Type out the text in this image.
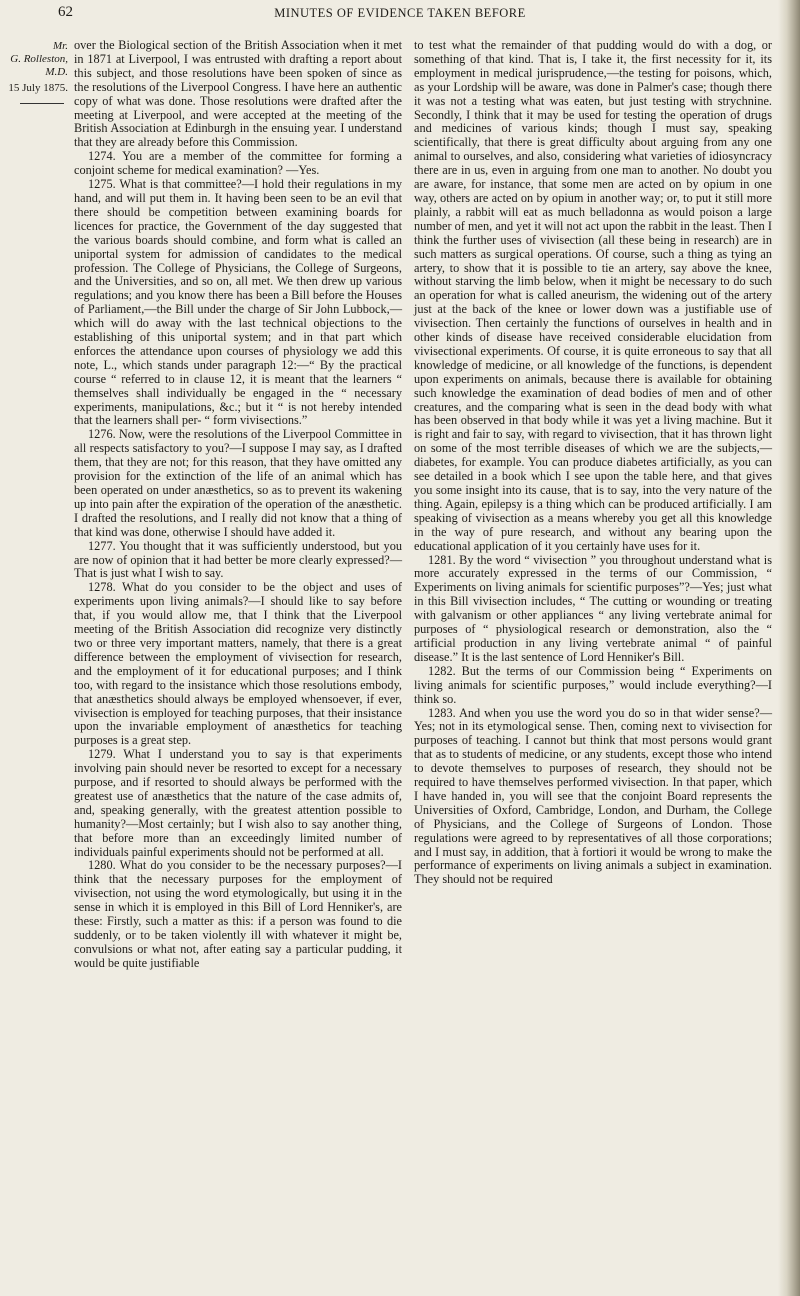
62	MINUTES OF EVIDENCE TAKEN BEFORE
Mr.
G. Rolleston,
M.D.
15 July 1875.

over the Biological section of the British Association when it met in 1871 at Liverpool, I was entrusted with drafting a report about this subject, and those resolutions have been spoken of since as the resolutions of the Liverpool Congress. I have here an authentic copy of what was done. Those resolutions were drafted after the meeting at Liverpool, and were accepted at the meeting of the British Association at Edinburgh in the ensuing year. I understand that they are already before this Commission.

1274. You are a member of the committee for forming a conjoint scheme for medical examination? —Yes.

1275. What is that committee?—I hold their regulations in my hand, and will put them in. It having been seen to be an evil that there should be competition between examining boards for licences for practice, the Government of the day suggested that the various boards should combine, and form what is called an uniportal system for admission of candidates to the medical profession. The College of Physicians, the College of Surgeons, and the Universities, and so on, all met. We then drew up various regulations; and you know there has been a Bill before the Houses of Parliament,—the Bill under the charge of Sir John Lubbock,—which will do away with the last technical objections to the establishing of this uniportal system; and in that part which enforces the attendance upon courses of physiology we add this note, L., which stands under paragraph 12:—“ By the practical course “ referred to in clause 12, it is meant that the learners “ themselves shall individually be engaged in the “ necessary experiments, manipulations, &c.; but it “ is not hereby intended that the learners shall per- “ form vivisections.”

1276. Now, were the resolutions of the Liverpool Committee in all respects satisfactory to you?—I suppose I may say, as I drafted them, that they are not; for this reason, that they have omitted any provision for the extinction of the life of an animal which has been operated on under anæsthetics, so as to prevent its wakening up into pain after the expiration of the operation of the anæsthetic. I drafted the resolutions, and I really did not know that a thing of that kind was done, otherwise I should have added it.

1277. You thought that it was sufficiently understood, but you are now of opinion that it had better be more clearly expressed?—That is just what I wish to say.

1278. What do you consider to be the object and uses of experiments upon living animals?—I should like to say before that, if you would allow me, that I think that the Liverpool meeting of the British Association did recognize very distinctly two or three very important matters, namely, that there is a great difference between the employment of vivisection for research, and the employment of it for educational purposes; and I think too, with regard to the insistance which those resolutions embody, that anæsthetics should always be employed whensoever, if ever, vivisection is employed for teaching purposes, that their insistance upon the invariable employment of anæsthetics for teaching purposes is a great step.

1279. What I understand you to say is that experiments involving pain should never be resorted to except for a necessary purpose, and if resorted to should always be performed with the greatest use of anæsthetics that the nature of the case admits of, and, speaking generally, with the greatest attention possible to humanity?—Most certainly; but I wish also to say another thing, that before more than an exceedingly limited number of individuals painful experiments should not be performed at all.

1280. What do you consider to be the necessary purposes?—I think that the necessary purposes for the employment of vivisection, not using the word etymologically, but using it in the sense in which it is employed in this Bill of Lord Henniker's, are these: Firstly, such a matter as this: if a person was found to die suddenly, or to be taken violently ill with whatever it might be, convulsions or what not, after eating say a particular pudding, it would be quite justifiable

to test what the remainder of that pudding would do with a dog, or something of that kind. That is, I take it, the first necessity for it, its employment in medical jurisprudence,—the testing for poisons, which, as your Lordship will be aware, was done in Palmer's case; though there it was not a testing what was eaten, but just testing with strychnine. Secondly, I think that it may be used for testing the operation of drugs and medicines of various kinds; though I must say, speaking scientifically, that there is great difficulty about arguing from any one animal to ourselves, and also, considering what varieties of idiosyncracy there are in us, even in arguing from one man to another. No doubt you are aware, for instance, that some men are acted on by opium in one way, others are acted on by opium in another way; or, to put it still more plainly, a rabbit will eat as much belladonna as would poison a large number of men, and yet it will not act upon the rabbit in the least. Then I think the further uses of vivisection (all these being in research) are in such matters as surgical operations. Of course, such a thing as tying an artery, to show that it is possible to tie an artery, say above the knee, without starving the limb below, when it might be necessary to do such an operation for what is called aneurism, the widening out of the artery just at the back of the knee or lower down was a justifiable use of vivisection. Then certainly the functions of ourselves in health and in other kinds of disease have received considerable elucidation from vivisectional experiments. Of course, it is quite erroneous to say that all knowledge of medicine, or all knowledge of the functions, is dependent upon experiments on animals, because there is available for obtaining such knowledge the examination of dead bodies of men and of other creatures, and the comparing what is seen in the dead body with what has been observed in that body while it was yet a living machine. But it is right and fair to say, with regard to vivisection, that it has thrown light on some of the most terrible diseases of which we are the subjects,—diabetes, for example. You can produce diabetes artificially, as you can see detailed in a book which I see upon the table here, and that gives you some insight into its cause, that is to say, into the very nature of the thing. Again, epilepsy is a thing which can be produced artificially. I am speaking of vivisection as a means whereby you get all this knowledge in the way of pure research, and without any bearing upon the educational application of it you certainly have uses for it.

1281. By the word “ vivisection ” you throughout understand what is more accurately expressed in the terms of our Commission, “ Experiments on living animals for scientific purposes”?—Yes; just what in this Bill vivisection includes, “ The cutting or wounding or treating with galvanism or other appliances “ any living vertebrate animal for purposes of “ physiological research or demonstration, also the “ artificial production in any living vertebrate animal “ of painful disease.” It is the last sentence of Lord Henniker's Bill.

1282. But the terms of our Commission being “ Experiments on living animals for scientific purposes,” would include everything?—I think so.

1283. And when you use the word you do so in that wider sense?—Yes; not in its etymological sense. Then, coming next to vivisection for purposes of teaching. I cannot but think that most persons would grant that as to students of medicine, or any students, except those who intend to devote themselves to purposes of research, they should not be required to have themselves performed vivisection. In that paper, which I have handed in, you will see that the conjoint Board represents the Universities of Oxford, Cambridge, London, and Durham, the College of Physicians, and the College of Surgeons of London. Those regulations were agreed to by representatives of all those corporations; and I must say, in addition, that à fortiori it would be wrong to make the performance of experiments on living animals a subject in examination. They should not be required
